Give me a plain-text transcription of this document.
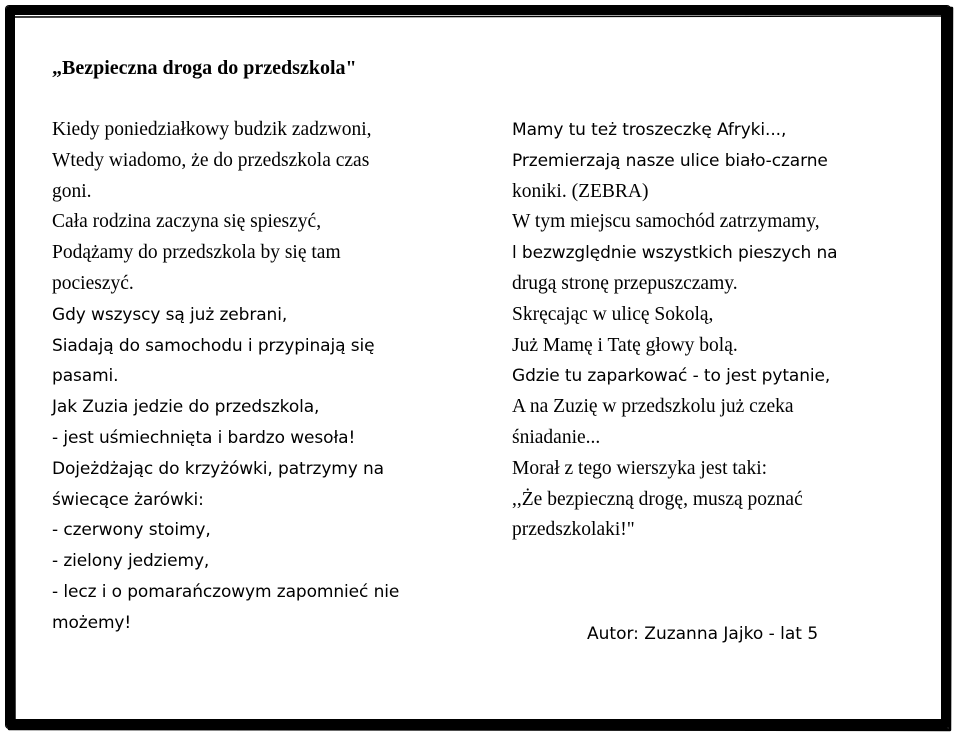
„Bezpieczna droga do przedszkola"
Kiedy poniedziałkowy budzik zadzwoni,
Wtedy wiadomo, że do przedszkola czas
goni.
Cała rodzina zaczyna się spieszyć,
Podążamy do przedszkola by się tam
pocieszyć.
Gdy wszyscy są już zebrani,
Siadają do samochodu i przypinają się
pasami.
Jak Zuzia jedzie do przedszkola,
- jest uśmiechnięta i bardzo wesoła!
Dojeżdżając do krzyżówki, patrzymy na
świecące żarówki:
- czerwony stoimy,
- zielony jedziemy,
- lecz i o pomarańczowym zapomnieć nie
możemy!
Mamy tu też troszeczkę Afryki...,
Przemierzają nasze ulice biało-czarne
koniki. (ZEBRA)
W tym miejscu samochód zatrzymamy,
l bezwzględnie wszystkich pieszych na
drugą stronę przepuszczamy.
Skręcając w ulicę Sokolą,
Już Mamę i Tatę głowy bolą.
Gdzie tu zaparkować - to jest pytanie,
A na Zuzię w przedszkolu już czeka
śniadanie...
Morał z tego wierszyka jest taki:
,,Że bezpieczną drogę, muszą poznać
przedszkolaki!"
Autor: Zuzanna Jajko - lat 5
